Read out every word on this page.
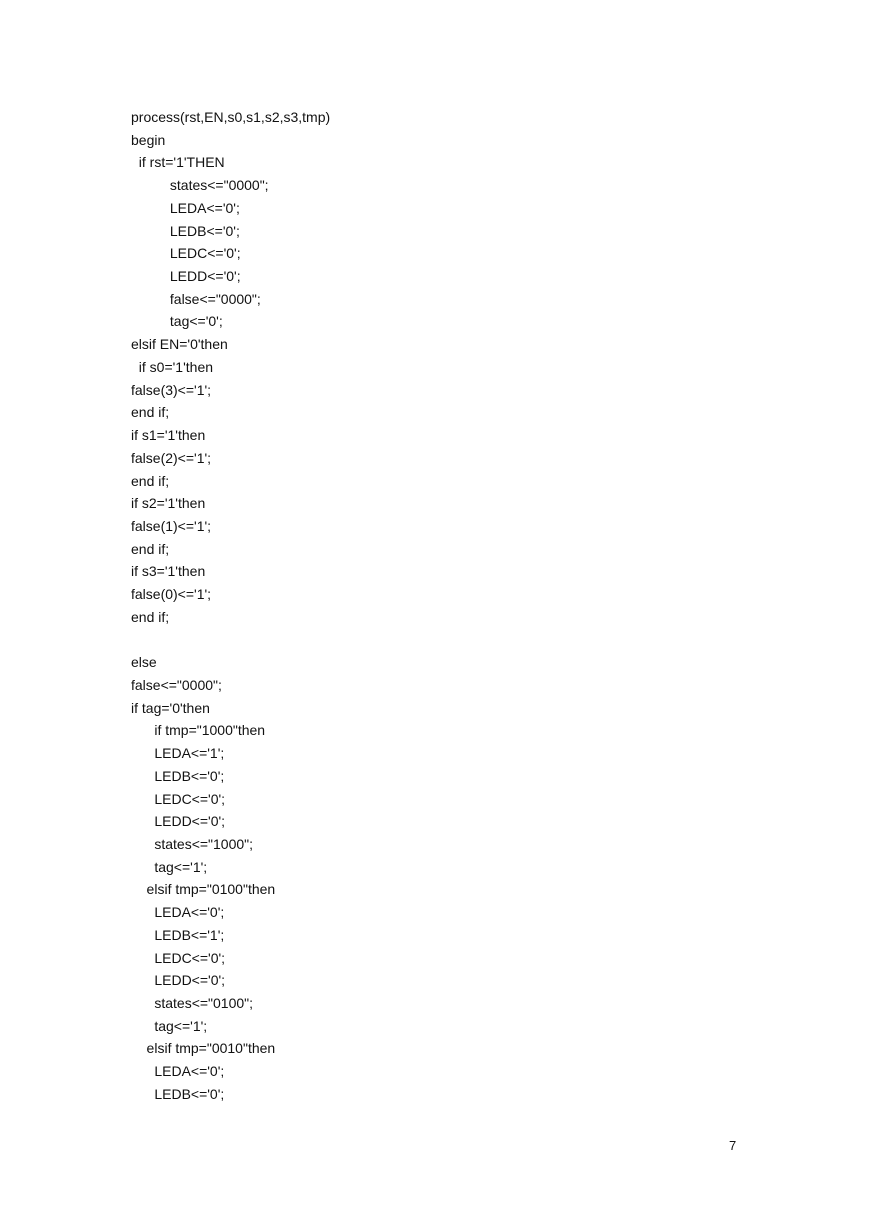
process(rst,EN,s0,s1,s2,s3,tmp)
begin
if rst='1'THEN
states<="0000";
LEDA<='0';
LEDB<='0';
LEDC<='0';
LEDD<='0';
false<="0000";
tag<='0';
elsif EN='0'then
if s0='1'then
false(3)<='1';
end if;
if s1='1'then
false(2)<='1';
end if;
if s2='1'then
false(1)<='1';
end if;
if s3='1'then
false(0)<='1';
end if;
else
false<="0000";
if tag='0'then
if tmp="1000"then
LEDA<='1';
LEDB<='0';
LEDC<='0';
LEDD<='0';
states<="1000";
tag<='1';
elsif tmp="0100"then
LEDA<='0';
LEDB<='1';
LEDC<='0';
LEDD<='0';
states<="0100";
tag<='1';
elsif tmp="0010"then
LEDA<='0';
LEDB<='0';
7
